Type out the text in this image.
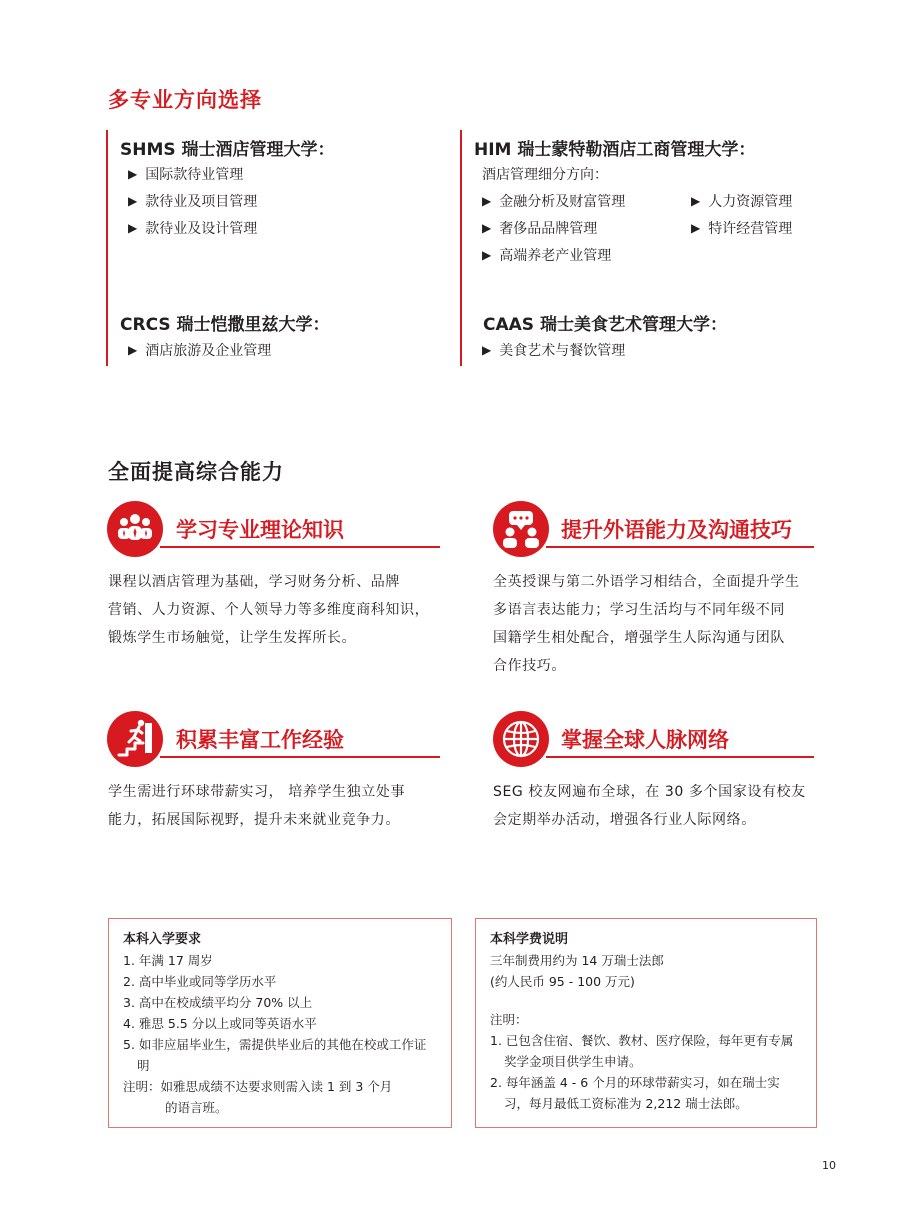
多专业方向选择
SHMS 瑞士酒店管理大学：
▶ 国际款待业管理
▶ 款待业及项目管理
▶ 款待业及设计管理
HIM 瑞士蒙特勒酒店工商管理大学：
酒店管理细分方向：
▶ 金融分析及财富管理
▶ 奢侈品品牌管理
▶ 高端养老产业管理
▶ 人力资源管理
▶ 特许经营管理
CRCS 瑞士恺撒里兹大学：
▶ 酒店旅游及企业管理
CAAS 瑞士美食艺术管理大学：
▶ 美食艺术与餐饮管理
全面提高综合能力
学习专业理论知识
课程以酒店管理为基础，学习财务分析、品牌
营销、人力资源、个人领导力等多维度商科知识，
锻炼学生市场触觉，让学生发挥所长。
提升外语能力及沟通技巧
全英授课与第二外语学习相结合，全面提升学生
多语言表达能力；学习生活均与不同年级不同
国籍学生相处配合，增强学生人际沟通与团队
合作技巧。
积累丰富工作经验
学生需进行环球带薪实习， 培养学生独立处事
能力，拓展国际视野，提升未来就业竞争力。
掌握全球人脉网络
SEG 校友网遍布全球，在 30 多个国家设有校友
会定期举办活动，增强各行业人际网络。

本科入学要求

1. 年满 17 周岁
2. 高中毕业或同等学历水平
3. 高中在校成绩平均分 70% 以上
4. 雅思 5.5 分以上或同等英语水平
5. 如非应届毕业生，需提供毕业后的其他在校或工作证明

注明：如雅思成绩不达要求则需入读 1 到 3 个月

的语言班。

本科学费说明

三年制费用约为 14 万瑞士法郎

(约人民币 95 - 100 万元)

注明：

1. 已包含住宿、餐饮、教材、医疗保险，每年更有专属奖学金项目供学生申请。

2. 每年涵盖 4 - 6 个月的环球带薪实习，如在瑞士实习，每月最低工资标准为 2,212 瑞士法郎。

10
